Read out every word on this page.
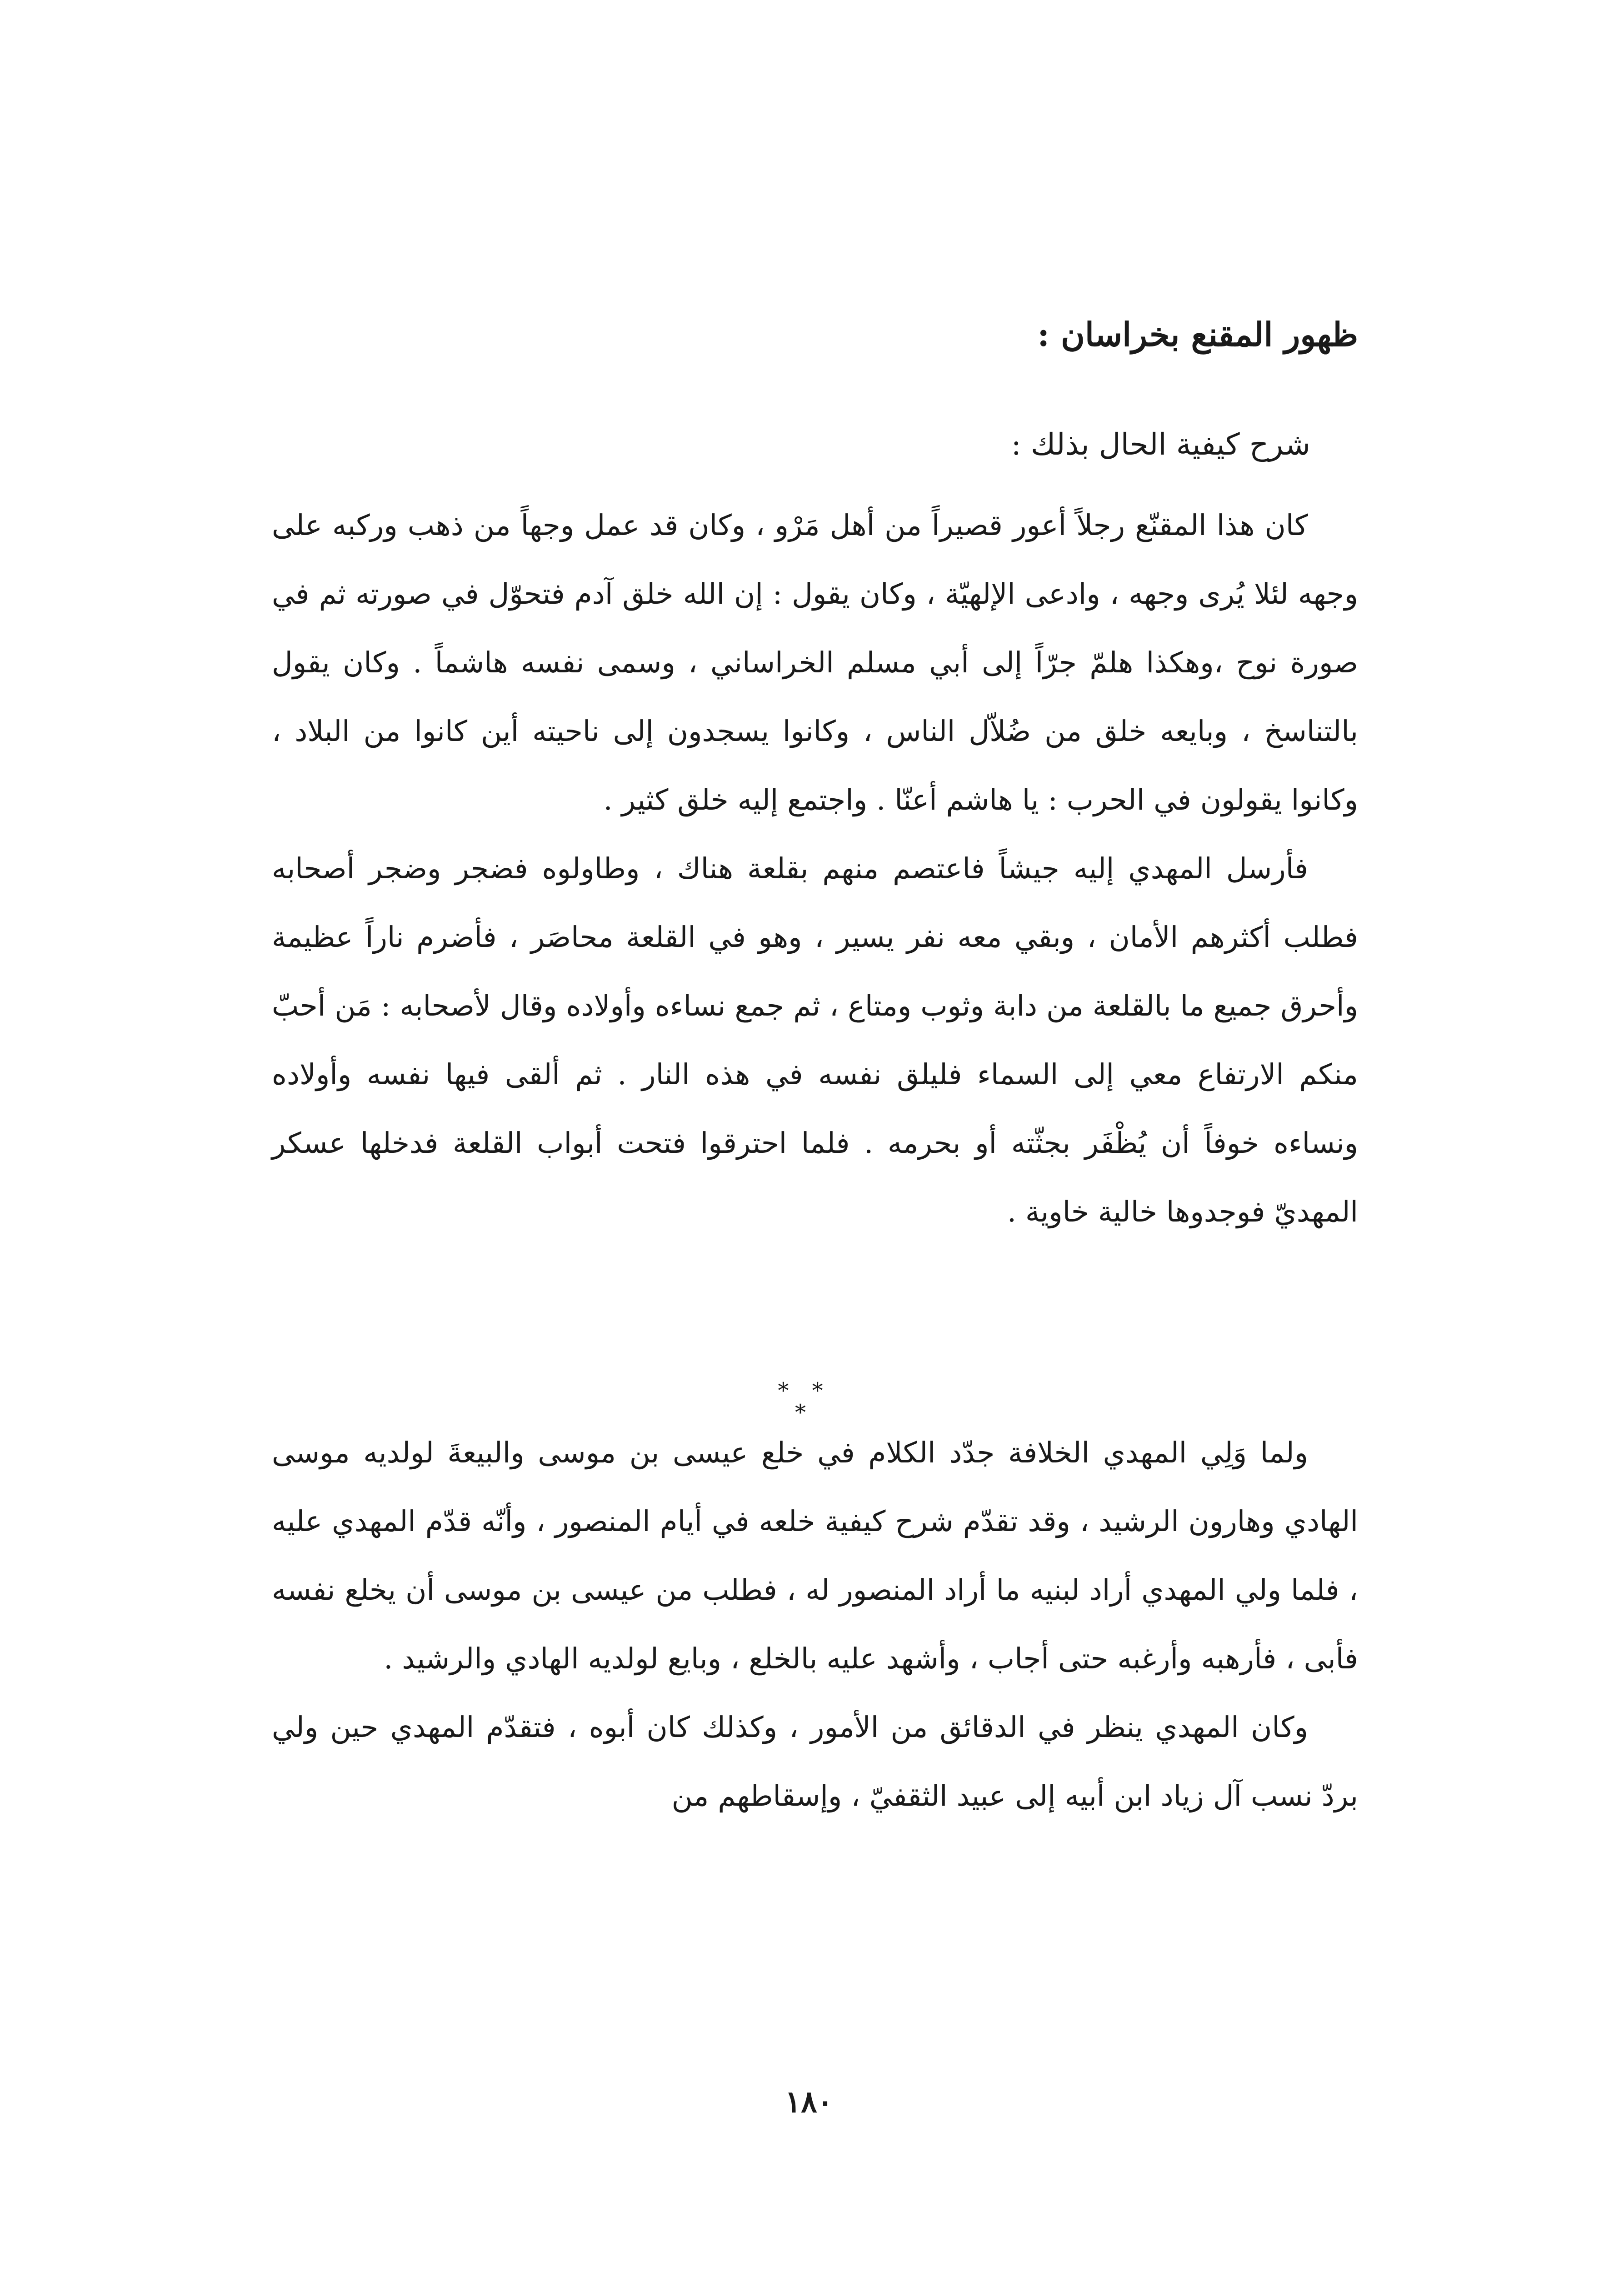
ظهور المقنع بخراسان :
شرح كيفية الحال بذلك :

كان هذا المقنّع رجلاً أعور قصيراً من أهل مَرْو ، وكان قد عمل وجهاً من ذهب وركبه على وجهه لئلا يُرى وجهه ، وادعى الإلهيّة ، وكان يقول : إن الله خلق آدم فتحوّل في صورته ثم في صورة نوح ،وهكذا هلمّ جرّاً إلى أبي مسلم الخراساني ، وسمى نفسه هاشماً . وكان يقول بالتناسخ ، وبايعه خلق من ضُلاّل الناس ، وكانوا يسجدون إلى ناحيته أين كانوا من البلاد ، وكانوا يقولون في الحرب : يا هاشم أعنّا . واجتمع إليه خلق كثير .

فأرسل المهدي إليه جيشاً فاعتصم منهم بقلعة هناك ، وطاولوه فضجر وضجر أصحابه فطلب أكثرهم الأمان ، وبقي معه نفر يسير ، وهو في القلعة محاصَر ، فأضرم ناراً عظيمة وأحرق جميع ما بالقلعة من دابة وثوب ومتاع ، ثم جمع نساءه وأولاده وقال لأصحابه : مَن أحبّ منكم الارتفاع معي إلى السماء فليلق نفسه في هذه النار . ثم ألقى فيها نفسه وأولاده ونساءه خوفاً أن يُظْفَر بجثّته أو بحرمه . فلما احترقوا فتحت أبواب القلعة فدخلها عسكر المهديّ فوجدوها خالية خاوية .

* * *

ولما وَلِي المهدي الخلافة جدّد الكلام في خلع عيسى بن موسى والبيعةَ لولديه موسى الهادي وهارون الرشيد ، وقد تقدّم شرح كيفية خلعه في أيام المنصور ، وأنّه قدّم المهدي عليه ، فلما ولي المهدي أراد لبنيه ما أراد المنصور له ، فطلب من عيسى بن موسى أن يخلع نفسه فأبى ، فأرهبه وأرغبه حتى أجاب ، وأشهد عليه بالخلع ، وبايع لولديه الهادي والرشيد .

وكان المهدي ينظر في الدقائق من الأمور ، وكذلك كان أبوه ، فتقدّم المهدي حين ولي بردّ نسب آل زياد ابن أبيه إلى عبيد الثقفيّ ، وإسقاطهم من

١٨٠
